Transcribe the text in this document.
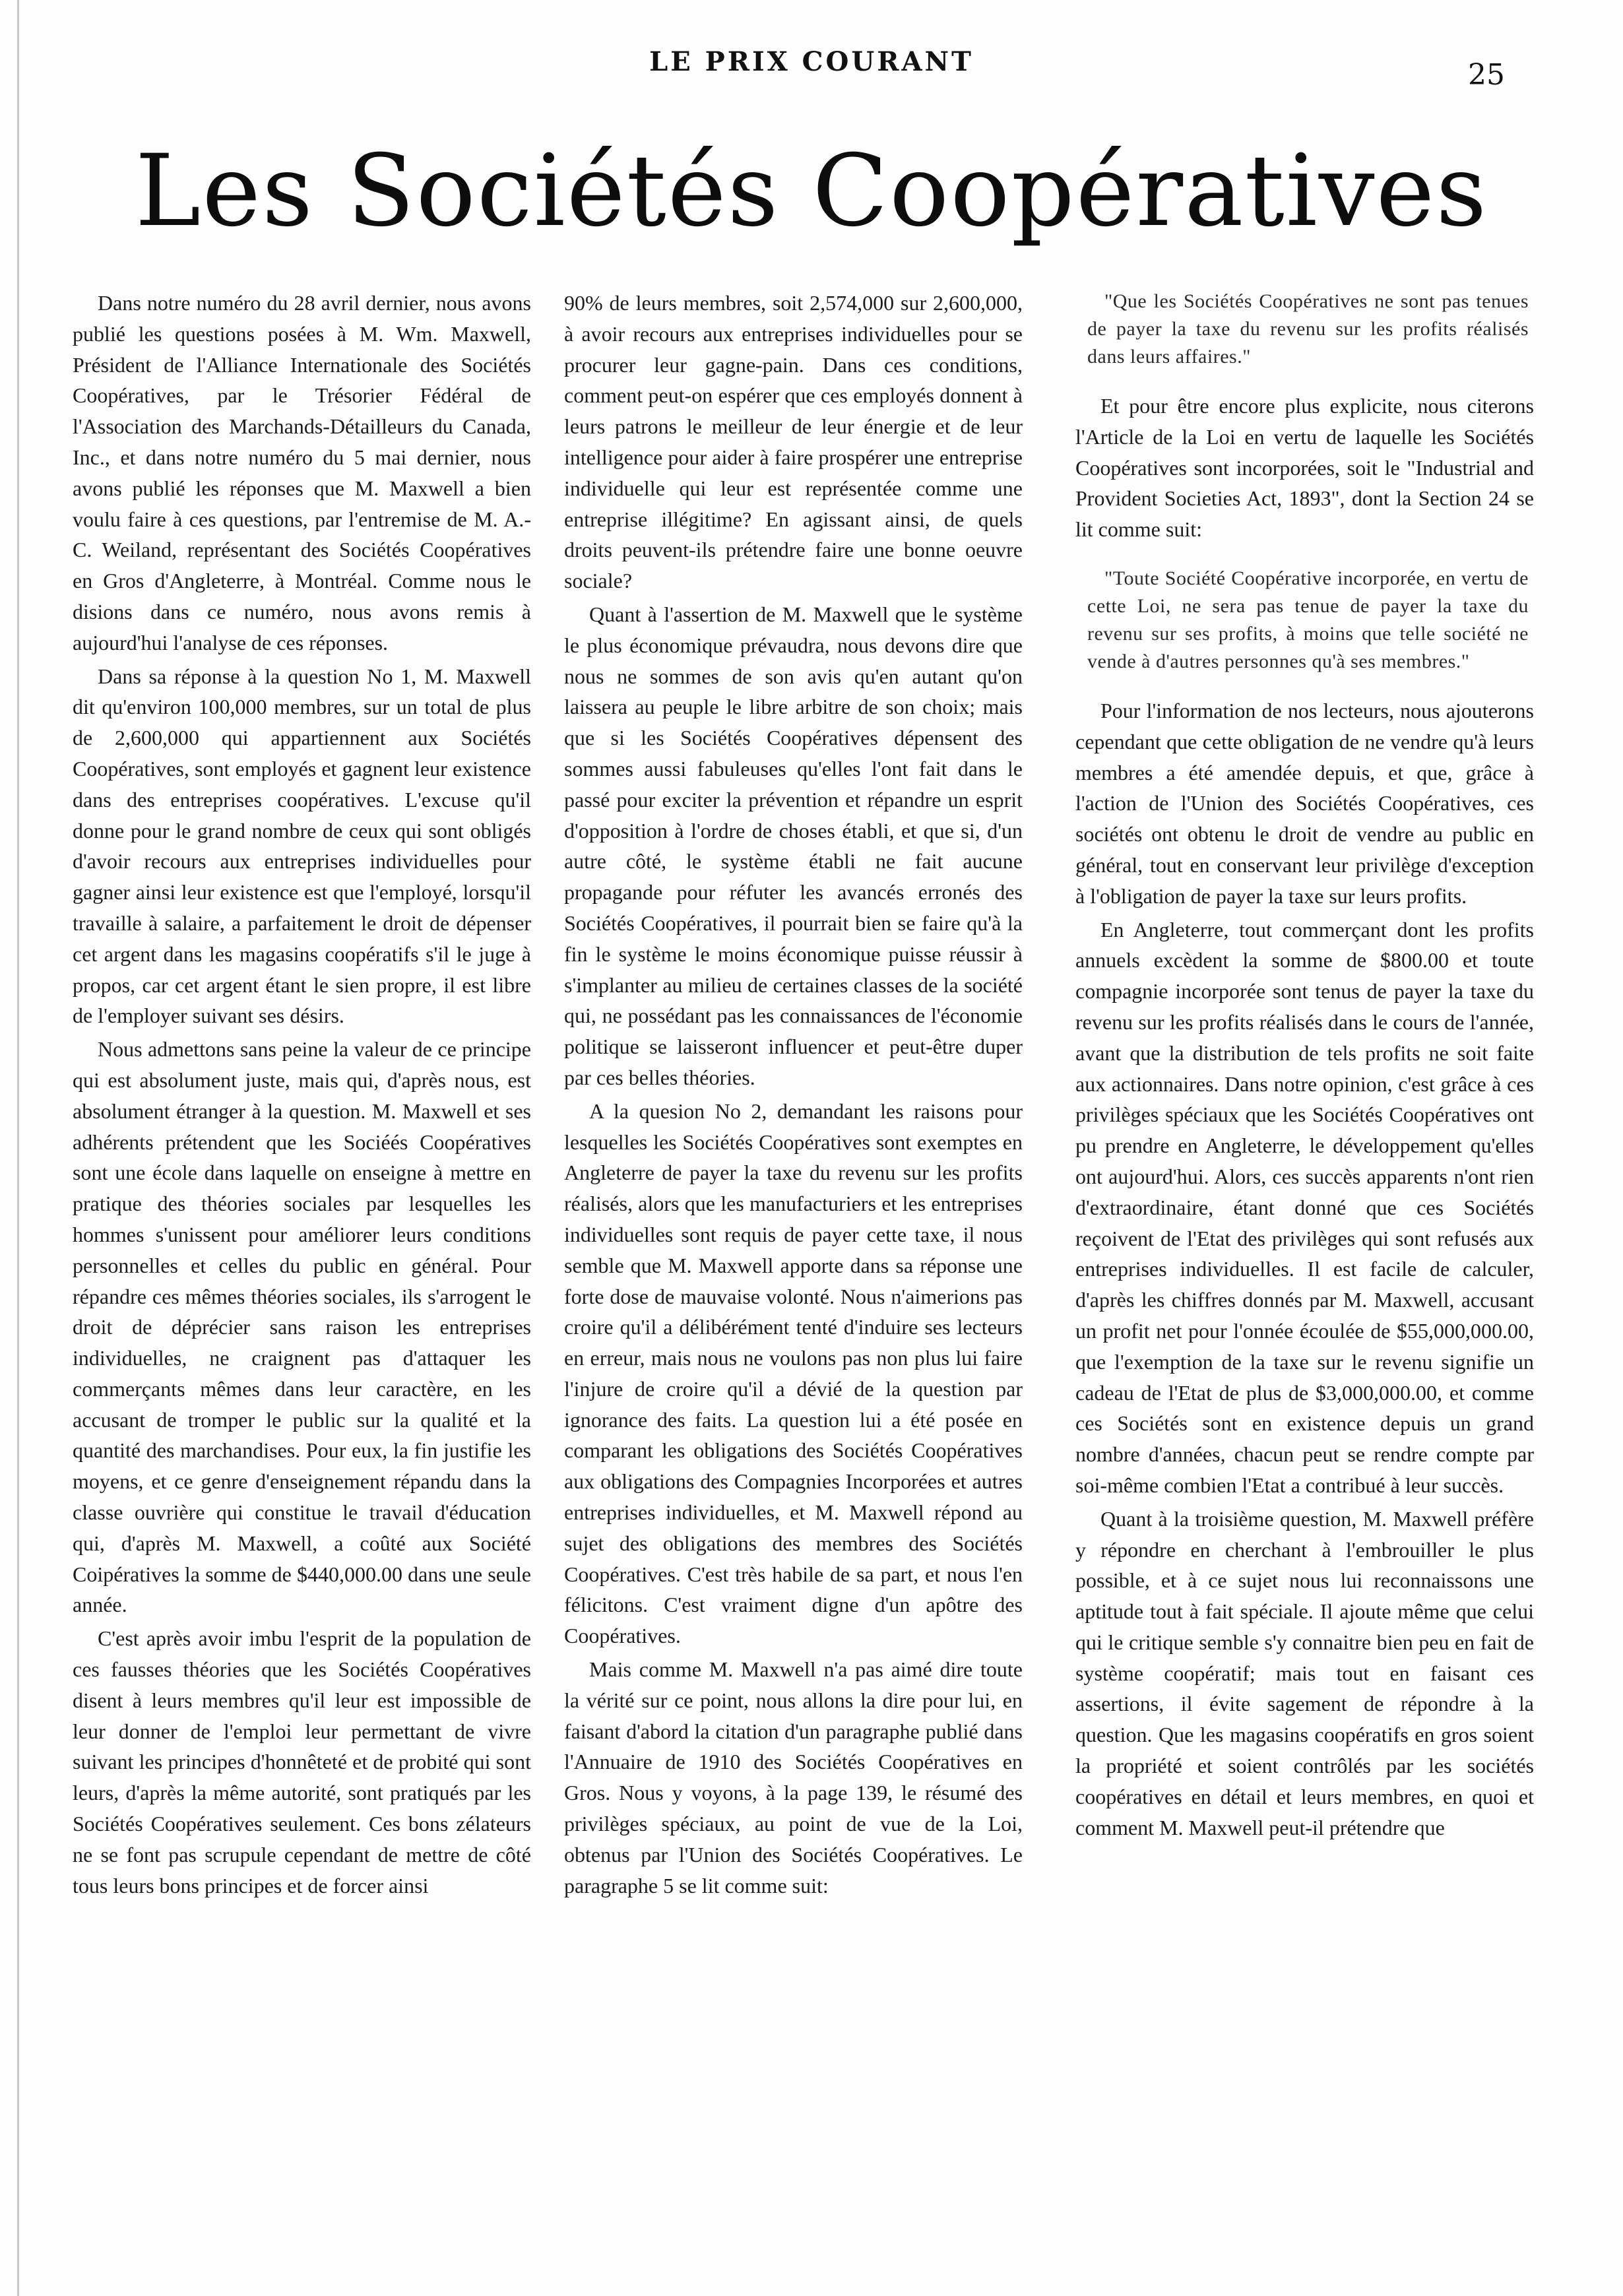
LE PRIX COURANT	25
Les Sociétés Coopératives

Dans notre numéro du 28 avril dernier, nous avons publié les questions posées à M. Wm. Maxwell, Président de l'Alliance Internationale des Sociétés Coopératives, par le Trésorier Fédéral de l'Association des Marchands-Détailleurs du Canada, Inc., et dans notre numéro du 5 mai dernier, nous avons publié les réponses que M. Maxwell a bien voulu faire à ces questions, par l'entremise de M. A.-C. Weiland, représentant des Sociétés Coopératives en Gros d'Angleterre, à Montréal. Comme nous le disions dans ce numéro, nous avons remis à aujourd'hui l'analyse de ces réponses.

Dans sa réponse à la question No 1, M. Maxwell dit qu'environ 100,000 membres, sur un total de plus de 2,600,000 qui appartiennent aux Sociétés Coopératives, sont employés et gagnent leur existence dans des entreprises coopératives. L'excuse qu'il donne pour le grand nombre de ceux qui sont obligés d'avoir recours aux entreprises individuelles pour gagner ainsi leur existence est que l'employé, lorsqu'il travaille à salaire, a parfaitement le droit de dépenser cet argent dans les magasins coopératifs s'il le juge à propos, car cet argent étant le sien propre, il est libre de l'employer suivant ses désirs.

Nous admettons sans peine la valeur de ce principe qui est absolument juste, mais qui, d'après nous, est absolument étranger à la question. M. Maxwell et ses adhérents prétendent que les Sociéés Coopératives sont une école dans laquelle on enseigne à mettre en pratique des théories sociales par lesquelles les hommes s'unissent pour améliorer leurs conditions personnelles et celles du public en général. Pour répandre ces mêmes théories sociales, ils s'arrogent le droit de déprécier sans raison les entreprises individuelles, ne craignent pas d'attaquer les commerçants mêmes dans leur caractère, en les accusant de tromper le public sur la qualité et la quantité des marchandises. Pour eux, la fin justifie les moyens, et ce genre d'enseignement répandu dans la classe ouvrière qui constitue le travail d'éducation qui, d'après M. Maxwell, a coûté aux Société Coipératives la somme de $440,000.00 dans une seule année.

C'est après avoir imbu l'esprit de la population de ces fausses théories que les Sociétés Coopératives disent à leurs membres qu'il leur est impossible de leur donner de l'emploi leur permettant de vivre suivant les principes d'honnêteté et de probité qui sont leurs, d'après la même autorité, sont pratiqués par les Sociétés Coopératives seulement. Ces bons zélateurs ne se font pas scrupule cependant de mettre de côté tous leurs bons principes et de forcer ainsi

90% de leurs membres, soit 2,574,000 sur 2,600,000, à avoir recours aux entreprises individuelles pour se procurer leur gagne-pain. Dans ces conditions, comment peut-on espérer que ces employés donnent à leurs patrons le meilleur de leur énergie et de leur intelligence pour aider à faire prospérer une entreprise individuelle qui leur est représentée comme une entreprise illégitime? En agissant ainsi, de quels droits peuvent-ils prétendre faire une bonne oeuvre sociale?

Quant à l'assertion de M. Maxwell que le système le plus économique prévaudra, nous devons dire que nous ne sommes de son avis qu'en autant qu'on laissera au peuple le libre arbitre de son choix; mais que si les Sociétés Coopératives dépensent des sommes aussi fabuleuses qu'elles l'ont fait dans le passé pour exciter la prévention et répandre un esprit d'opposition à l'ordre de choses établi, et que si, d'un autre côté, le système établi ne fait aucune propagande pour réfuter les avancés erronés des Sociétés Coopératives, il pourrait bien se faire qu'à la fin le système le moins économique puisse réussir à s'implanter au milieu de certaines classes de la société qui, ne possédant pas les connaissances de l'économie politique se laisseront influencer et peut-être duper par ces belles théories.

A la quesion No 2, demandant les raisons pour lesquelles les Sociétés Coopératives sont exemptes en Angleterre de payer la taxe du revenu sur les profits réalisés, alors que les manufacturiers et les entreprises individuelles sont requis de payer cette taxe, il nous semble que M. Maxwell apporte dans sa réponse une forte dose de mauvaise volonté. Nous n'aimerions pas croire qu'il a délibérément tenté d'induire ses lecteurs en erreur, mais nous ne voulons pas non plus lui faire l'injure de croire qu'il a dévié de la question par ignorance des faits. La question lui a été posée en comparant les obligations des Sociétés Coopératives aux obligations des Compagnies Incorporées et autres entreprises individuelles, et M. Maxwell répond au sujet des obligations des membres des Sociétés Coopératives. C'est très habile de sa part, et nous l'en félicitons. C'est vraiment digne d'un apôtre des Coopératives.

Mais comme M. Maxwell n'a pas aimé dire toute la vérité sur ce point, nous allons la dire pour lui, en faisant d'abord la citation d'un paragraphe publié dans l'Annuaire de 1910 des Sociétés Coopératives en Gros. Nous y voyons, à la page 139, le résumé des privilèges spéciaux, au point de vue de la Loi, obtenus par l'Union des Sociétés Coopératives. Le paragraphe 5 se lit comme suit:

"Que les Sociétés Coopératives ne sont pas tenues de payer la taxe du revenu sur les profits réalisés dans leurs affaires."

Et pour être encore plus explicite, nous citerons l'Article de la Loi en vertu de laquelle les Sociétés Coopératives sont incorporées, soit le "Industrial and Provident Societies Act, 1893", dont la Section 24 se lit comme suit:

"Toute Société Coopérative incorporée, en vertu de cette Loi, ne sera pas tenue de payer la taxe du revenu sur ses profits, à moins que telle société ne vende à d'autres personnes qu'à ses membres."

Pour l'information de nos lecteurs, nous ajouterons cependant que cette obligation de ne vendre qu'à leurs membres a été amendée depuis, et que, grâce à l'action de l'Union des Sociétés Coopératives, ces sociétés ont obtenu le droit de vendre au public en général, tout en conservant leur privilège d'exception à l'obligation de payer la taxe sur leurs profits.

En Angleterre, tout commerçant dont les profits annuels excèdent la somme de $800.00 et toute compagnie incorporée sont tenus de payer la taxe du revenu sur les profits réalisés dans le cours de l'année, avant que la distribution de tels profits ne soit faite aux actionnaires. Dans notre opinion, c'est grâce à ces privilèges spéciaux que les Sociétés Coopératives ont pu prendre en Angleterre, le développement qu'elles ont aujourd'hui. Alors, ces succès apparents n'ont rien d'extraordinaire, étant donné que ces Sociétés reçoivent de l'Etat des privilèges qui sont refusés aux entreprises individuelles. Il est facile de calculer, d'après les chiffres donnés par M. Maxwell, accusant un profit net pour l'onnée écoulée de $55,000,000.00, que l'exemption de la taxe sur le revenu signifie un cadeau de l'Etat de plus de $3,000,000.00, et comme ces Sociétés sont en existence depuis un grand nombre d'années, chacun peut se rendre compte par soi-même combien l'Etat a contribué à leur succès.

Quant à la troisième question, M. Maxwell préfère y répondre en cherchant à l'embrouiller le plus possible, et à ce sujet nous lui reconnaissons une aptitude tout à fait spéciale. Il ajoute même que celui qui le critique semble s'y connaitre bien peu en fait de système coopératif; mais tout en faisant ces assertions, il évite sagement de répondre à la question. Que les magasins coopératifs en gros soient la propriété et soient contrôlés par les sociétés coopératives en détail et leurs membres, en quoi et comment M. Maxwell peut-il prétendre que
